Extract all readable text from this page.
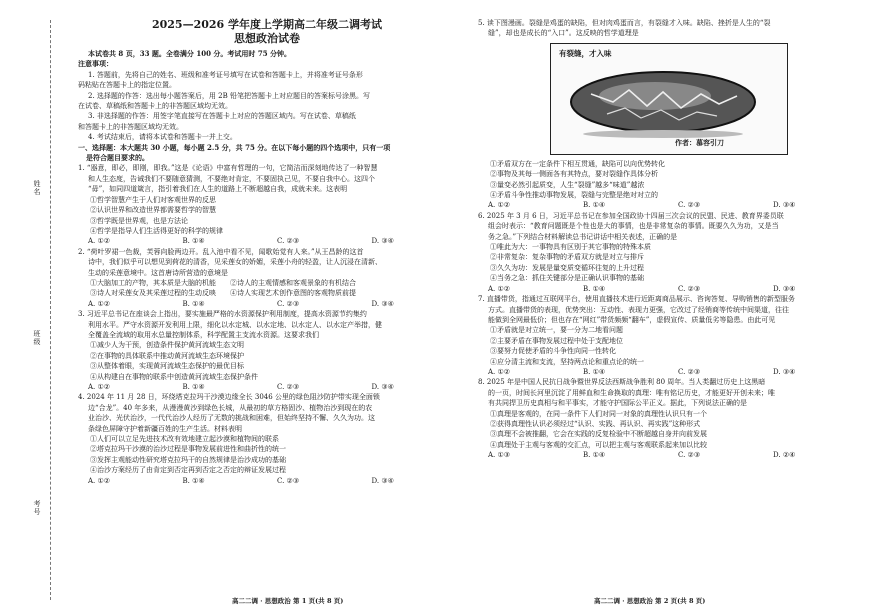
姓名
班级
考号
2025—2026 学年度上学期高二年级二调考试
思想政治试卷

本试卷共 8 页，33 题。全卷满分 100 分。考试用时 75 分钟。

注意事项：

1. 答题前，先将自己的姓名、班级和准考证号填写在试卷和答题卡上，并将准考证号条形

码粘贴在答题卡上的指定位置。

2. 选择题的作答：选出每小题答案后，用 2B 铅笔把答题卡上对应题目的答案标号涂黑。写

在试卷、草稿纸和答题卡上的非答题区域均无效。

3. 非选择题的作答：用签字笔直接写在答题卡上对应的答题区域内。写在试卷、草稿纸

和答题卡上的非答题区域均无效。

4. 考试结束后，请将本试卷和答题卡一并上交。

一、选择题：本大题共 30 小题，每小题 2.5 分，共 75 分。在以下每小题的四个选项中，只有一项

是符合题目要求的。

1. “器意，即必，即刚，即我。”这是《论语》中富有哲理的一句，它简洁而深刻地传达了一种智慧

和人生态度，告诫我们不要随意猜测，不要绝对肯定，不要固执己见，不要自我中心。这四个

“毋”，如同四道箴言，指引着我们在人生的道路上不断超越自我，成就未来。这表明

①哲学智慧产生于人们对客观世界的反思

②认识世界和改造世界都需要哲学的智慧

③哲学既是世界观，也是方法论

④哲学是指导人们生活得更好的科学的规律

A. ①②	B. ①④	C. ②③	D. ③④

2. “荷叶罗裙一色裁，芙蓉向脸两边开。乱入池中看不见，闻歌始觉有人来。”从王昌龄的这首

诗中，我们似乎可以想见到荷花的清香，见采莲女的娇媚，采莲小舟的轻盈，让人沉浸在清新、

生动的采莲意境中。这首唐诗所营造的意境是

①大脑加工的产物，其本质是大脑的机能　　②诗人的主观情感和客观景象的有机结合

③诗人对采莲女及其采莲过程的生动反映　　④诗人实现艺术创作意图的客观物质前提

A. ①②	B. ①④	C. ②③	D. ③④

3. 习近平总书记在座谈会上指出，要实施最严格的水资源保护利用制度，提高水资源节约集约

利用水平。严守水资源开发利用上限，细化以水定城、以水定地、以水定人、以水定产举措，健

全覆盖全流域的取用水总量控制体系，科学配置主支流水资源。这要求我们

①减少人为干预，创造条件保护黄河流域生态文明

②在事物的具体联系中推动黄河流域生态环境保护

③从整体着眼，实现黄河流域生态保护的最优目标

④从构建自在事物的联系中创造黄河流域生态保护条件

A. ①②	B. ①④	C. ②③	D. ③④

4. 2024 年 11 月 28 日，环绕塔克拉玛干沙漠边缘全长 3046 公里的绿色阻沙防护带实现全面锁

边“合龙”。40 年多来，从漫漫黄沙到绿色长城，从最初的草方格固沙、植物治沙到现在的农

业治沙、光伏治沙，一代代治沙人经历了无数的挑战和困难，但始终坚持不懈、久久为功。这

条绿色屏障守护着新疆百姓的生产生活。材料表明

①人们可以立足先进技术改有效地建立起沙漠和植物间的联系

②塔克拉玛干沙漠的治沙过程是事物发展前进性和曲折性的统一

③发挥主观能动性研究塔克拉玛干的自然规律是治沙成功的基础

④治沙方案经历了由肯定到否定再到否定之否定的辩证发展过程

A. ①②	B. ①④	C. ②③	D. ③④

5. 读下图漫画。裂缝是鸡蛋的缺陷，但对肉鸡蛋而言，有裂缝才入味。缺陷、挫折是人生的“裂

缝”，却也是成长的“入口”。这反映的哲学道理是

有裂缝，才入味
作者：慕容引刀

①矛盾双方在一定条件下相互贯通，缺陷可以向优势转化

②事物及其每一侧面各有其特点，要对裂缝作具体分析

③量变必然引起质变，人生“裂缝”越多“味道”越浓

④矛盾斗争性推动事物发展，裂缝与完整是绝对对立的

A. ①②	B. ①④	C. ②③	D. ③④

6. 2025 年 3 月 6 日，习近平总书记在参加全国政协十四届三次会议的民盟、民进、教育界委员联

组会时表示：“教育问题既是个性也是大的事情，也是非常复杂的事情。既要久久为功，又是当

务之急。”下列结合材料解读总书记讲话中相关表述，正确的是

①唯此为大：一事物具有区别于其它事物的特殊本质

②非常复杂：复杂事物的矛盾双方就是对立与排斥

③久久为功：发展是量变质变循环往复的上升过程

④当务之急：抓住关键部分是正确认识事物的基础

A. ①②	B. ①④	C. ②③	D. ③④

7. 直播带货，指通过互联网平台，使用直播技术进行近距离商品展示、咨询答复、导购销售的新型服务

方式。直播带货的表现，优势突出：互动性、表现力更强，它改过了经销商等传统中间渠道，往往

能做到全网最低价；但也存在“网红”带货频频“翻车”，虚假宣传、质量低劣等隐患。由此可见

①矛盾就是对立统一，要一分为二地看问题

②主要矛盾在事物发展过程中处于支配地位

③要努力促使矛盾的斗争性向同一性转化

④应分清主流和支流，坚持两点论和重点论的统一

A. ①②	B. ①④	C. ②③	D. ③④

8. 2025 年是中国人民抗日战争暨世界反法西斯战争胜利 80 周年。当人类翻过历史上这黑暗

的一页，时间长河里沉淀了用鲜血和生命换取的真理：唯有铭记历史，才能更好开创未来；唯

有共同捍卫历史真相与和平事实，才能守护国际公平正义。据此，下列说法正确的是

①真理是客观的，在同一条件下人们对同一对象的真理性认识只有一个

②获得真理性认识必须经过“认识、实践、再认识、再实践”这种形式

③真理不会被推翻，它会在实践的反复检验中不断超越自身并向前发展

④真理处于主观与客观的交汇点，可以把主观与客观联系起来加以比较

A. ①③	B. ①④	C. ②③	D. ②④
高二二调 · 思想政治 第 1 页(共 8 页)	高二二调 · 思想政治 第 2 页(共 8 页)
